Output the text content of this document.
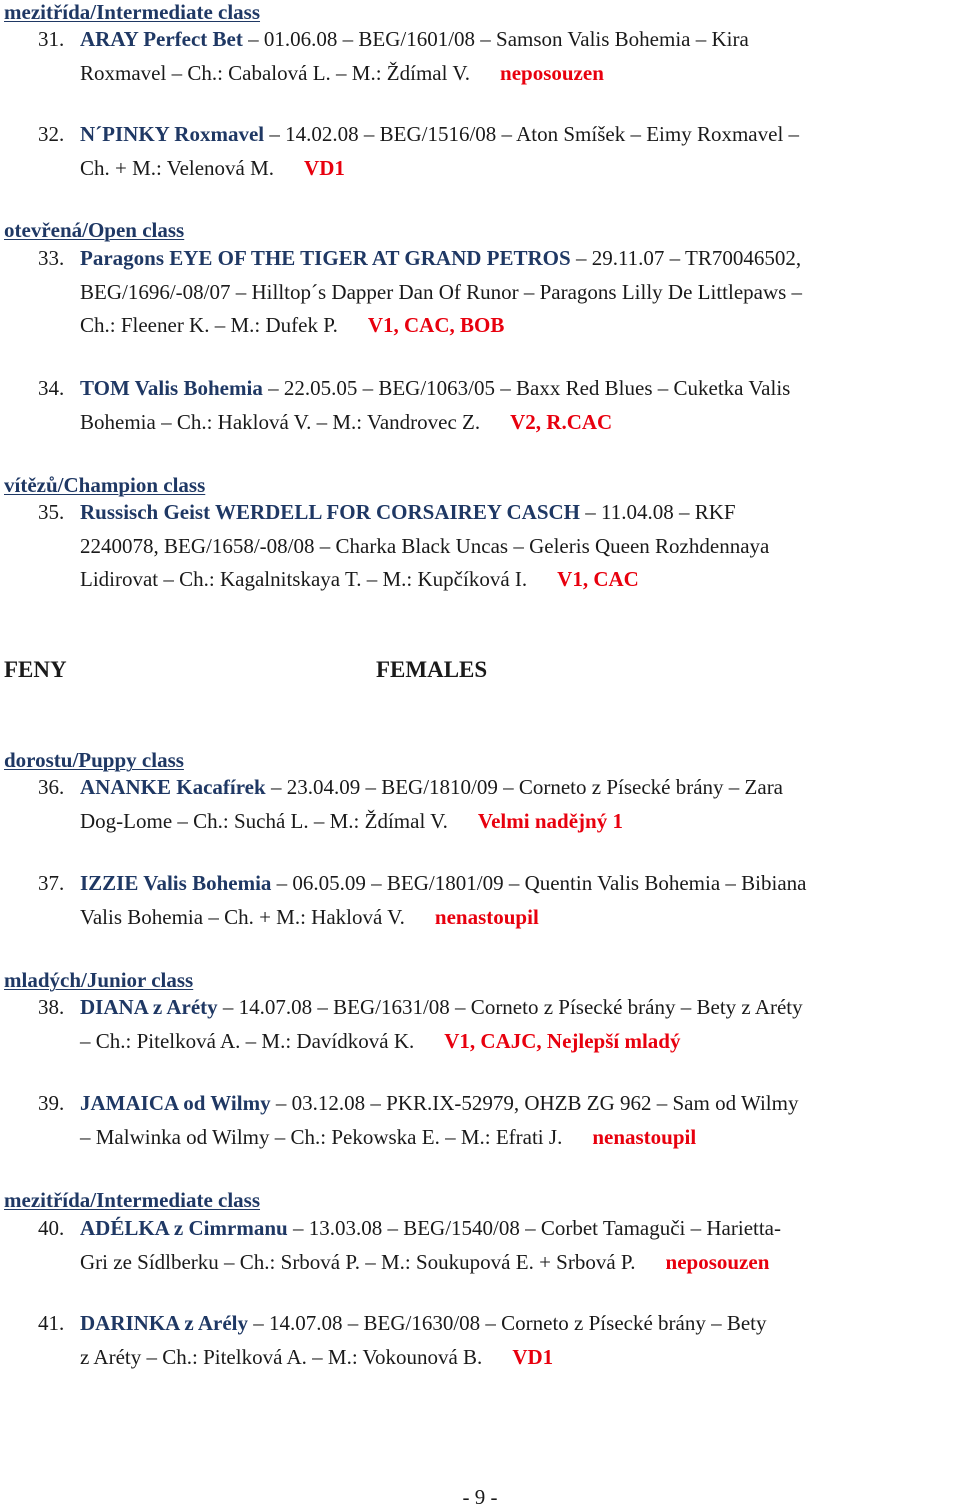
mezitřída/Intermediate class
31. ARAY Perfect Bet – 01.06.08 – BEG/1601/08 – Samson Valis Bohemia – Kira
Roxmavel – Ch.: Cabalová L. – M.: Ždímal V. neposouzen
32. N´PINKY Roxmavel – 14.02.08 – BEG/1516/08 – Aton Smíšek – Eimy Roxmavel –
Ch. + M.: Velenová M. VD1
otevřená/Open class
33. Paragons EYE OF THE TIGER AT GRAND PETROS – 29.11.07 – TR70046502,
BEG/1696/-08/07 – Hilltop´s Dapper Dan Of Runor – Paragons Lilly De Littlepaws –
Ch.: Fleener K. – M.: Dufek P. V1, CAC, BOB
34. TOM Valis Bohemia – 22.05.05 – BEG/1063/05 – Baxx Red Blues – Cuketka Valis
Bohemia – Ch.: Haklová V. – M.: Vandrovec Z. V2, R.CAC
vítězů/Champion class
35. Russisch Geist WERDELL FOR CORSAIREY CASCH – 11.04.08 – RKF
2240078, BEG/1658/-08/08 – Charka Black Uncas – Geleris Queen Rozhdennaya
Lidirovat – Ch.: Kagalnitskaya T. – M.: Kupčíková I. V1, CAC
FENY	FEMALES
dorostu/Puppy class
36. ANANKE Kacafírek – 23.04.09 – BEG/1810/09 – Corneto z Písecké brány – Zara
Dog-Lome – Ch.: Suchá L. – M.: Ždímal V. Velmi nadějný 1
37. IZZIE Valis Bohemia – 06.05.09 – BEG/1801/09 – Quentin Valis Bohemia – Bibiana
Valis Bohemia – Ch. + M.: Haklová V. nenastoupil
mladých/Junior class
38. DIANA z Aréty – 14.07.08 – BEG/1631/08 – Corneto z Písecké brány – Bety z Aréty
– Ch.: Pitelková A. – M.: Davídková K. V1, CAJC, Nejlepší mladý
39. JAMAICA od Wilmy – 03.12.08 – PKR.IX-52979, OHZB ZG 962 – Sam od Wilmy
– Malwinka od Wilmy – Ch.: Pekowska E. – M.: Efrati J. nenastoupil
mezitřída/Intermediate class
40. ADÉLKA z Cimrmanu – 13.03.08 – BEG/1540/08 – Corbet Tamaguči – Harietta-
Gri ze Sídlberku – Ch.: Srbová P. – M.: Soukupová E. + Srbová P. neposouzen
41. DARINKA z Arély – 14.07.08 – BEG/1630/08 – Corneto z Písecké brány – Bety
z Aréty – Ch.: Pitelková A. – M.: Vokounová B. VD1
- 9 -
